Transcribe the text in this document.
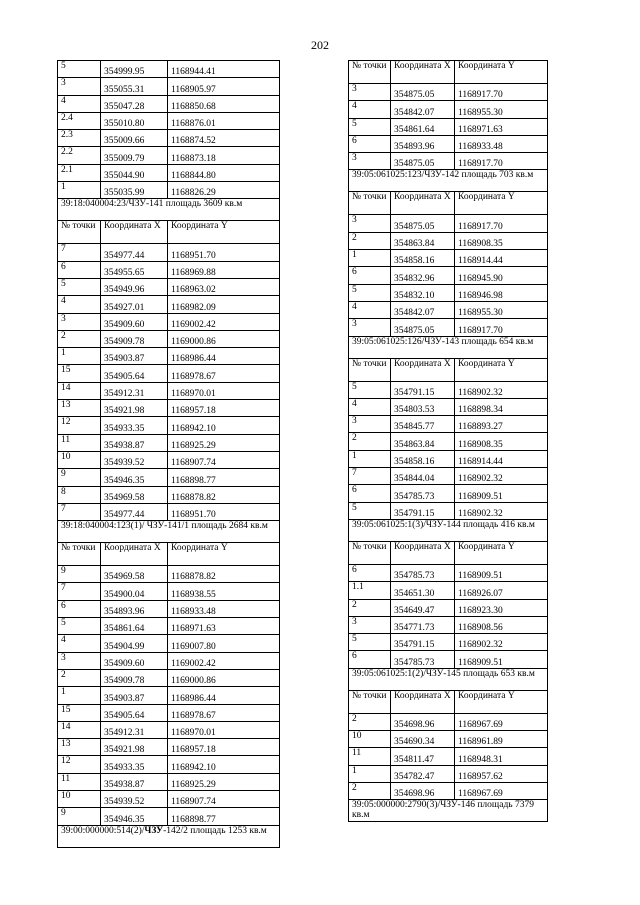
202
5	354999.95	1168944.41
3	355055.31	1168905.97
4	355047.28	1168850.68
2.4	355010.80	1168876.01
2.3	355009.66	1168874.52
2.2	355009.79	1168873.18
2.1	355044.90	1168844.80
1	355035.99	1168826.29
39:18:040004:23/ЧЗУ-141 площадь 3609 кв.м		
№ точки	Координата X	Координата Y
7	354977.44	1168951.70
6	354955.65	1168969.88
5	354949.96	1168963.02
4	354927.01	1168982.09
3	354909.60	1169002.42
2	354909.78	1169000.86
1	354903.87	1168986.44
15	354905.64	1168978.67
14	354912.31	1168970.01
13	354921.98	1168957.18
12	354933.35	1168942.10
11	354938.87	1168925.29
10	354939.52	1168907.74
9	354946.35	1168898.77
8	354969.58	1168878.82
7	354977.44	1168951.70
39:18:040004:123(1)/ ЧЗУ-141/1 площадь 2684 кв.м		
№ точки	Координата X	Координата Y
9	354969.58	1168878.82
7	354900.04	1168938.55
6	354893.96	1168933.48
5	354861.64	1168971.63
4	354904.99	1169007.80
3	354909.60	1169002.42
2	354909.78	1169000.86
1	354903.87	1168986.44
15	354905.64	1168978.67
14	354912.31	1168970.01
13	354921.98	1168957.18
12	354933.35	1168942.10
11	354938.87	1168925.29
10	354939.52	1168907.74
9	354946.35	1168898.77
39:00:000000:514(2)/ЧЗУ-142/2 площадь 1253 кв.м		
№ точки	Координата X	Координата Y
3	354875.05	1168917.70
4	354842.07	1168955.30
5	354861.64	1168971.63
6	354893.96	1168933.48
3	354875.05	1168917.70
39:05:061025:123/ЧЗУ-142 площадь 703 кв.м		
№ точки	Координата X	Координата Y
3	354875.05	1168917.70
2	354863.84	1168908.35
1	354858.16	1168914.44
6	354832.96	1168945.90
5	354832.10	1168946.98
4	354842.07	1168955.30
3	354875.05	1168917.70
39:05:061025:126/ЧЗУ-143 площадь 654 кв.м		
№ точки	Координата X	Координата Y
5	354791.15	1168902.32
4	354803.53	1168898.34
3	354845.77	1168893.27
2	354863.84	1168908.35
1	354858.16	1168914.44
7	354844.04	1168902.32
6	354785.73	1168909.51
5	354791.15	1168902.32
39:05:061025:1(3)/ЧЗУ-144 площадь 416 кв.м		
№ точки	Координата X	Координата Y
6	354785.73	1168909.51
1.1	354651.30	1168926.07
2	354649.47	1168923.30
3	354771.73	1168908.56
5	354791.15	1168902.32
6	354785.73	1168909.51
39:05:061025:1(2)/ЧЗУ-145 площадь 653 кв.м		
№ точки	Координата X	Координата Y
2	354698.96	1168967.69
10	354690.34	1168961.89
11	354811.47	1168948.31
1	354782.47	1168957.62
2	354698.96	1168967.69
39:05:000000:2790(3)/ЧЗУ-146 площадь 7379 кв.м		
